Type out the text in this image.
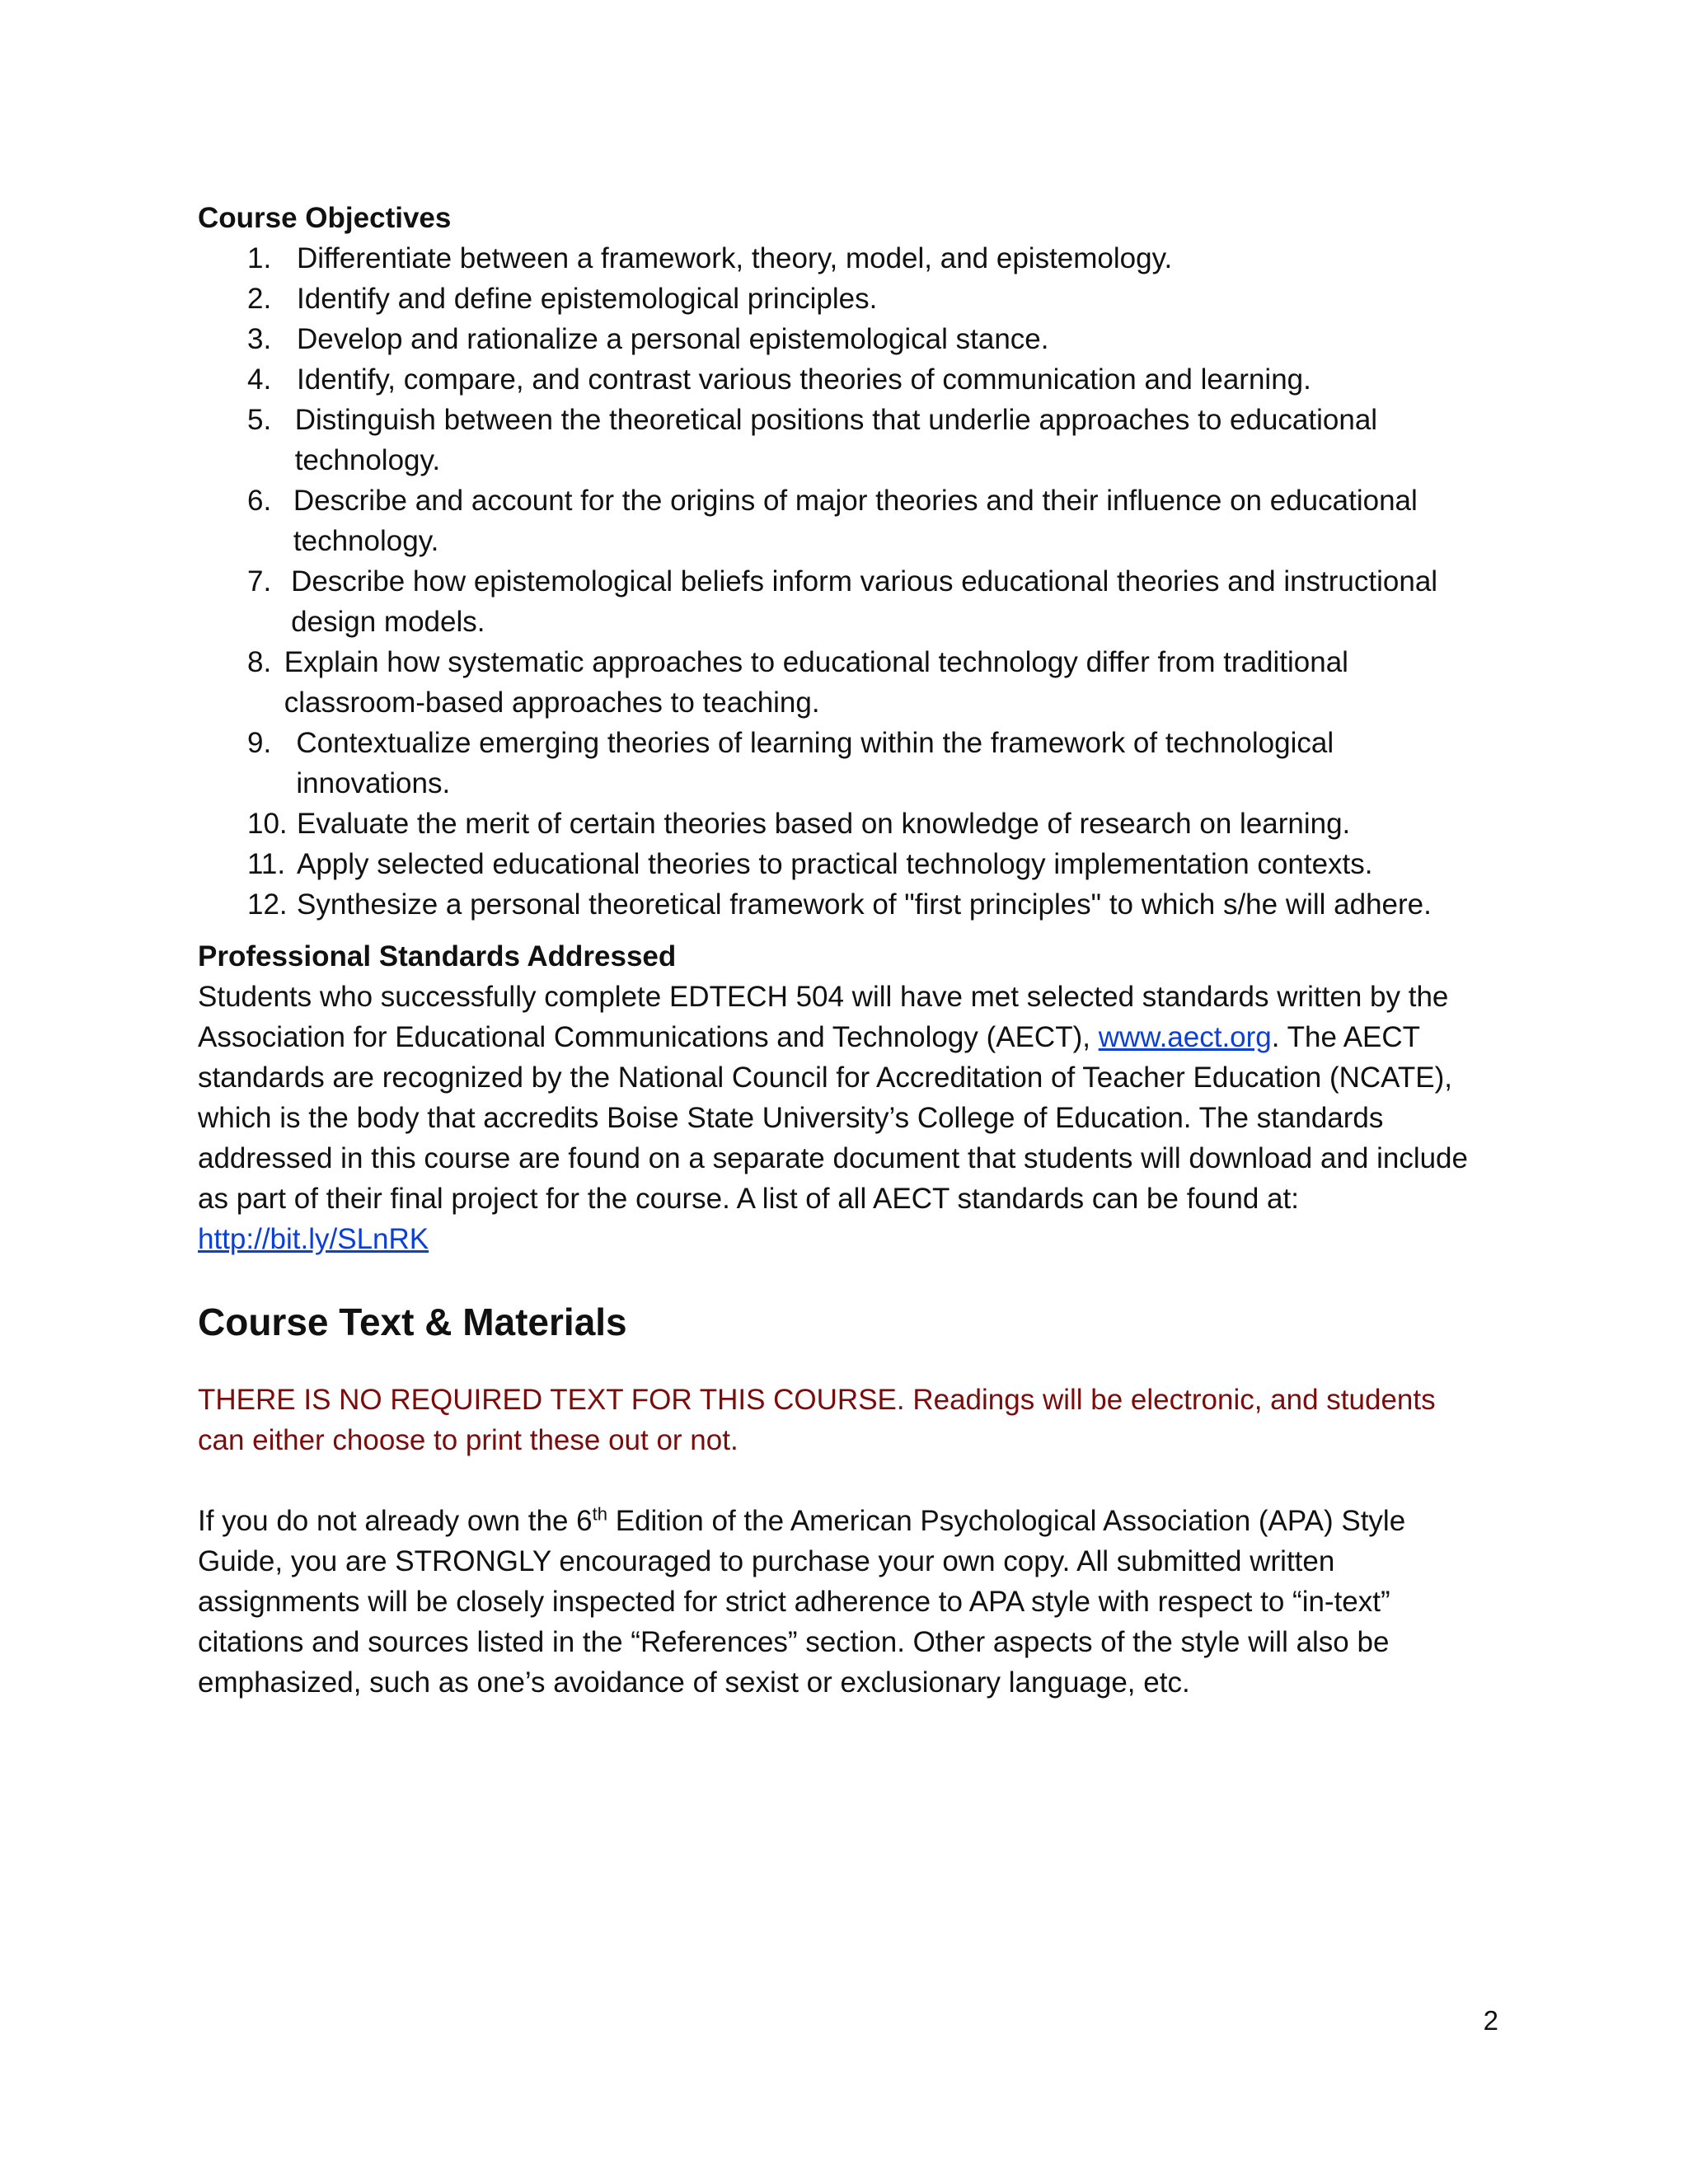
Course Objectives
1. Differentiate between a framework, theory, model, and epistemology.
2. Identify and define epistemological principles.
3. Develop and rationalize a personal epistemological stance.
4. Identify, compare, and contrast various theories of communication and learning.
5. Distinguish between the theoretical positions that underlie approaches to educational technology.
6. Describe and account for the origins of major theories and their influence on educational technology.
7. Describe how epistemological beliefs inform various educational theories and instructional design models.
8. Explain how systematic approaches to educational technology differ from traditional classroom-based approaches to teaching.
9. Contextualize emerging theories of learning within the framework of technological innovations.
10. Evaluate the merit of certain theories based on knowledge of research on learning.
11. Apply selected educational theories to practical technology implementation contexts.
12. Synthesize a personal theoretical framework of "first principles" to which s/he will adhere.
Professional Standards Addressed

Students who successfully complete EDTECH 504 will have met selected standards written by the Association for Educational Communications and Technology (AECT), www.aect.org. The AECT standards are recognized by the National Council for Accreditation of Teacher Education (NCATE), which is the body that accredits Boise State University’s College of Education. The standards addressed in this course are found on a separate document that students will download and include as part of their final project for the course. A list of all AECT standards can be found at: http://bit.ly/SLnRK

Course Text & Materials

THERE IS NO REQUIRED TEXT FOR THIS COURSE. Readings will be electronic, and students can either choose to print these out or not.

If you do not already own the 6th Edition of the American Psychological Association (APA) Style Guide, you are STRONGLY encouraged to purchase your own copy. All submitted written assignments will be closely inspected for strict adherence to APA style with respect to “in-text” citations and sources listed in the “References” section. Other aspects of the style will also be emphasized, such as one’s avoidance of sexist or exclusionary language, etc.

2
